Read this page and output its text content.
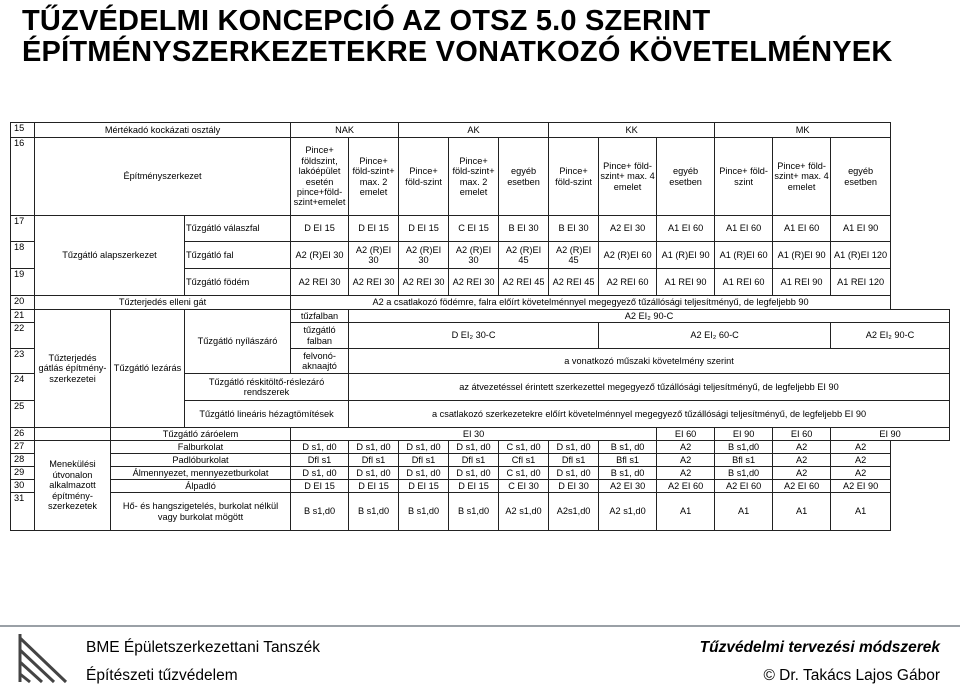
TŰZVÉDELMI KONCEPCIÓ AZ OTSZ 5.0 SZERINT
ÉPÍTMÉNYSZERKEZETEKRE VONATKOZÓ KÖVETELMÉNYEK
15	Mértékadó kockázati osztály			NAK		AK			KK			MK		
16	Építményszerkezet			Pince+ földszint, lakóépület esetén pince+föld-szint+emelet	Pince+ föld-szint+ max. 2 emelet	Pince+ föld-szint	Pince+ föld-szint+ max. 2 emelet	egyéb esetben	Pince+ föld-szint	Pince+ föld-szint+ max. 4 emelet	egyéb esetben	Pince+ föld-szint	Pince+ föld-szint+ max. 4 emelet	egyéb esetben
17	Tűzgátló alapszerkezet		Tűzgátló válaszfal	D EI 15	D EI 15	D EI 15	C EI 15	B EI 30	B EI 30	A2 EI 30	A1 EI 60	A1 EI 60	A1 EI 60	A1 EI 90
18			Tűzgátló fal	A2 (R)EI 30	A2 (R)EI 30	A2 (R)EI 30	A2 (R)EI 30	A2 (R)EI 45	A2 (R)EI 45	A2 (R)EI 60	A1 (R)EI 90	A1 (R)EI 60	A1 (R)EI 90	A1 (R)EI 120
19			Tűzgátló födém	A2 REI 30	A2 REI 30	A2 REI 30	A2 REI 30	A2 REI 45	A2 REI 45	A2 REI 60	A1 REI 90	A1 REI 60	A1 REI 90	A1 REI 120
20	Tűzterjedés elleni gát			A2 a csatlakozó födémre, falra előírt követelménnyel megegyező tűzállósági teljesítményű, de legfeljebb 90										
21	Tűzterjedés gátlás építmény-szerkezetei	Tűzgátló lezárás	Tűzgátló nyílászáró	tűzfalban	A2 EI₂ 90-C									
22				tűzgátló falban	D EI₂ 30-C					A2 EI₂ 60-C				A2 EI₂ 90-C
23				felvonó-aknaajtó	a vonatkozó műszaki követelmény szerint									
24			Tűzgátló réskitöltő-réslezáró rendszerek		az átvezetéssel érintett szerkezettel megegyező tűzállósági teljesítményű, de legfeljebb EI 90									
25			Tűzgátló lineáris hézagtömítések		a csatlakozó szerkezetekre előírt követelménnyel megegyező tűzállósági teljesítményű, de legfeljebb EI 90									
26		Tűzgátló záróelem		EI 30							EI 60	EI 90	EI 60	EI 90
27	Menekülési útvonalon alkalmazott építmény-szerkezetek	Falburkolat		D s1, d0	D s1, d0	D s1, d0	D s1, d0	C s1, d0	D s1, d0	B s1, d0	A2	B s1,d0	A2	A2
28		Padlóburkolat		Dfl s1	Dfl s1	Dfl s1	Dfl s1	Cfl s1	Dfl s1	Bfl s1	A2	Bfl s1	A2	A2
29		Álmennyezet, mennyezetburkolat		D s1, d0	D s1, d0	D s1, d0	D s1, d0	C s1, d0	D s1, d0	B s1, d0	A2	B s1,d0	A2	A2
30		Álpadló		D EI 15	D EI 15	D EI 15	D EI 15	C EI 30	D EI 30	A2 EI 30	A2 EI 60	A2 EI 60	A2 EI 60	A2 EI 90
31		Hő- és hangszigetelés, burkolat nélkül vagy burkolat mögött		B s1,d0	B s1,d0	B s1,d0	B s1,d0	A2 s1,d0	A2s1,d0	A2 s1,d0	A1	A1	A1	A1
BME Épületszerkezettani Tanszék
Építészeti tűzvédelem
Tűzvédelmi tervezési módszerek
© Dr. Takács Lajos Gábor
